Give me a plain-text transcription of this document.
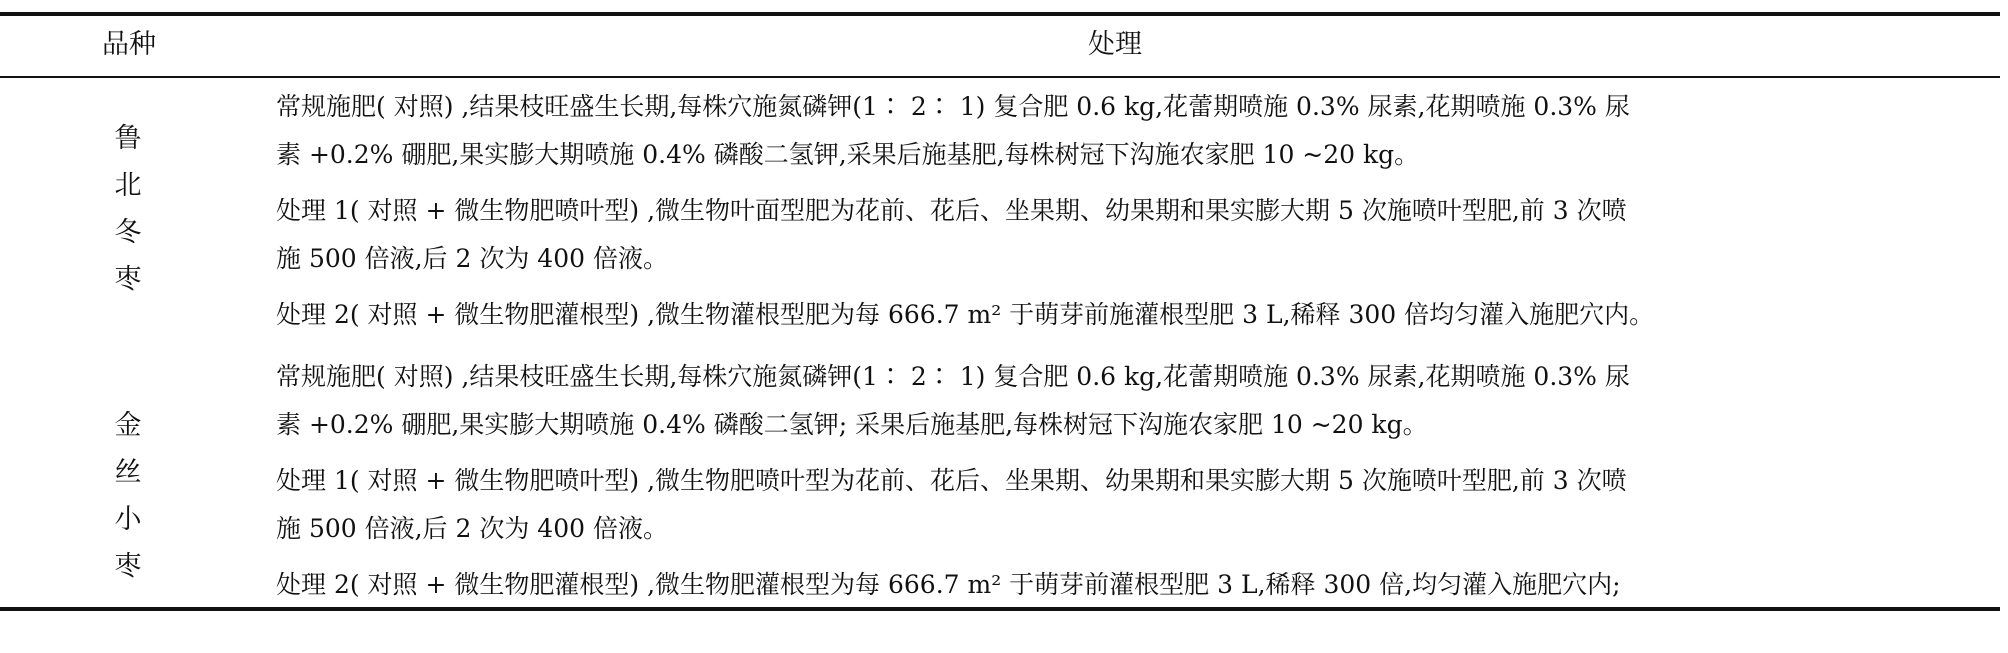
品种	处理
鲁
北
冬
枣
常规施肥( 对照) ,结果枝旺盛生长期,每株穴施氮磷钾(1∶ 2∶ 1) 复合肥 0.6 kg,花蕾期喷施 0.3% 尿素,花期喷施 0.3% 尿
素 +0.2% 硼肥,果实膨大期喷施 0.4% 磷酸二氢钾,采果后施基肥,每株树冠下沟施农家肥 10 ~20 kg。
处理 1( 对照 + 微生物肥喷叶型) ,微生物叶面型肥为花前、花后、坐果期、幼果期和果实膨大期 5 次施喷叶型肥,前 3 次喷
施 500 倍液,后 2 次为 400 倍液。
处理 2( 对照 + 微生物肥灌根型) ,微生物灌根型肥为每 666.7 m² 于萌芽前施灌根型肥 3 L,稀释 300 倍均匀灌入施肥穴内。
金
丝
小
枣
常规施肥( 对照) ,结果枝旺盛生长期,每株穴施氮磷钾(1∶ 2∶ 1) 复合肥 0.6 kg,花蕾期喷施 0.3% 尿素,花期喷施 0.3% 尿
素 +0.2% 硼肥,果实膨大期喷施 0.4% 磷酸二氢钾; 采果后施基肥,每株树冠下沟施农家肥 10 ~20 kg。
处理 1( 对照 + 微生物肥喷叶型) ,微生物肥喷叶型为花前、花后、坐果期、幼果期和果实膨大期 5 次施喷叶型肥,前 3 次喷
施 500 倍液,后 2 次为 400 倍液。
处理 2( 对照 + 微生物肥灌根型) ,微生物肥灌根型为每 666.7 m² 于萌芽前灌根型肥 3 L,稀释 300 倍,均匀灌入施肥穴内;
